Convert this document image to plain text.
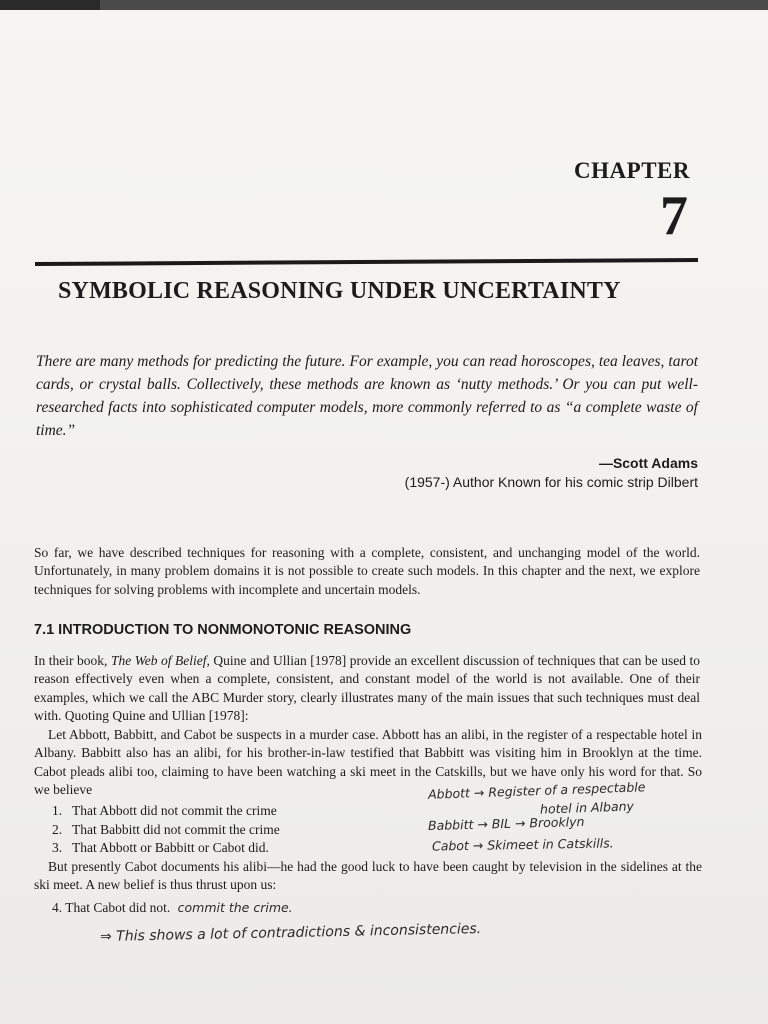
CHAPTER
7
SYMBOLIC REASONING UNDER UNCERTAINTY
There are many methods for predicting the future. For example, you can read horoscopes, tea leaves, tarot cards, or crystal balls. Collectively, these methods are known as ‘nutty methods.’ Or you can put well-researched facts into sophisticated computer models, more commonly referred to as “a complete waste of time.”
—Scott Adams
(1957-) Author Known for his comic strip Dilbert

So far, we have described techniques for reasoning with a complete, consistent, and unchanging model of the world. Unfortunately, in many problem domains it is not possible to create such models. In this chapter and the next, we explore techniques for solving problems with incomplete and uncertain models.

7.1 INTRODUCTION TO NONMONOTONIC REASONING

In their book, The Web of Belief, Quine and Ullian [1978] provide an excellent discussion of techniques that can be used to reason effectively even when a complete, consistent, and constant model of the world is not available. One of their examples, which we call the ABC Murder story, clearly illustrates many of the main issues that such techniques must deal with. Quoting Quine and Ullian [1978]:

Let Abbott, Babbitt, and Cabot be suspects in a murder case. Abbott has an alibi, in the register of a respectable hotel in Albany. Babbitt also has an alibi, for his brother-in-law testified that Babbitt was visiting him in Brooklyn at the time. Cabot pleads alibi too, claiming to have been watching a ski meet in the Catskills, but we have only his word for that. So we believe

1. That Abbott did not commit the crime
2. That Babbitt did not commit the crime
3. That Abbott or Babbitt or Cabot did.

But presently Cabot documents his alibi—he had the good luck to have been caught by television in the sidelines at the ski meet. A new belief is thus thrust upon us:

4. That Cabot did not. commit the crime.
Abbott → Register of a respectable
hotel in Albany
Babbitt → BIL → Brooklyn
Cabot → Skimeet in Catskills.
⇒ This shows a lot of contradictions & inconsistencies.
